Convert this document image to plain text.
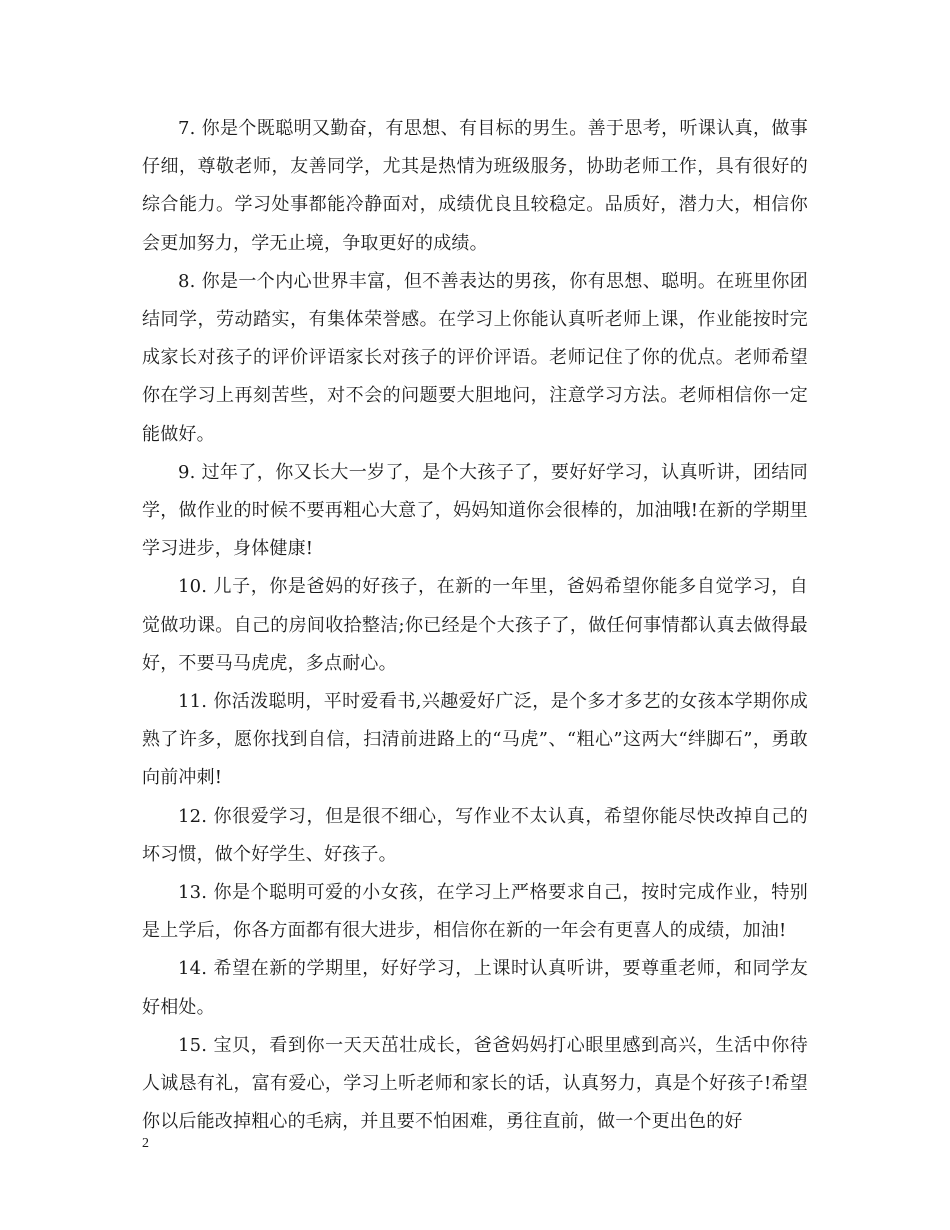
7. 你是个既聪明又勤奋，有思想、有目标的男生。善于思考，听课认真，做事仔细，尊敬老师，友善同学，尤其是热情为班级服务，协助老师工作，具有很好的综合能力。学习处事都能冷静面对，成绩优良且较稳定。品质好，潜力大，相信你会更加努力，学无止境，争取更好的成绩。

8. 你是一个内心世界丰富，但不善表达的男孩，你有思想、聪明。在班里你团结同学，劳动踏实，有集体荣誉感。在学习上你能认真听老师上课，作业能按时完成家长对孩子的评价评语家长对孩子的评价评语。老师记住了你的优点。老师希望你在学习上再刻苦些，对不会的问题要大胆地问，注意学习方法。老师相信你一定能做好。

9. 过年了，你又长大一岁了，是个大孩子了，要好好学习，认真听讲，团结同学，做作业的时候不要再粗心大意了，妈妈知道你会很棒的，加油哦!在新的学期里学习进步，身体健康!

10. 儿子，你是爸妈的好孩子，在新的一年里，爸妈希望你能多自觉学习，自觉做功课。自己的房间收拾整洁;你已经是个大孩子了，做任何事情都认真去做得最好，不要马马虎虎，多点耐心。

11. 你活泼聪明，平时爱看书,兴趣爱好广泛，是个多才多艺的女孩本学期你成熟了许多，愿你找到自信，扫清前进路上的“马虎”、“粗心”这两大“绊脚石”，勇敢向前冲刺!

12. 你很爱学习，但是很不细心，写作业不太认真，希望你能尽快改掉自己的坏习惯，做个好学生、好孩子。

13. 你是个聪明可爱的小女孩，在学习上严格要求自己，按时完成作业，特别是上学后，你各方面都有很大进步，相信你在新的一年会有更喜人的成绩，加油!

14. 希望在新的学期里，好好学习，上课时认真听讲，要尊重老师，和同学友好相处。

15. 宝贝，看到你一天天茁壮成长，爸爸妈妈打心眼里感到高兴，生活中你待人诚恳有礼，富有爱心，学习上听老师和家长的话，认真努力，真是个好孩子!希望你以后能改掉粗心的毛病，并且要不怕困难，勇往直前，做一个更出色的好

2
